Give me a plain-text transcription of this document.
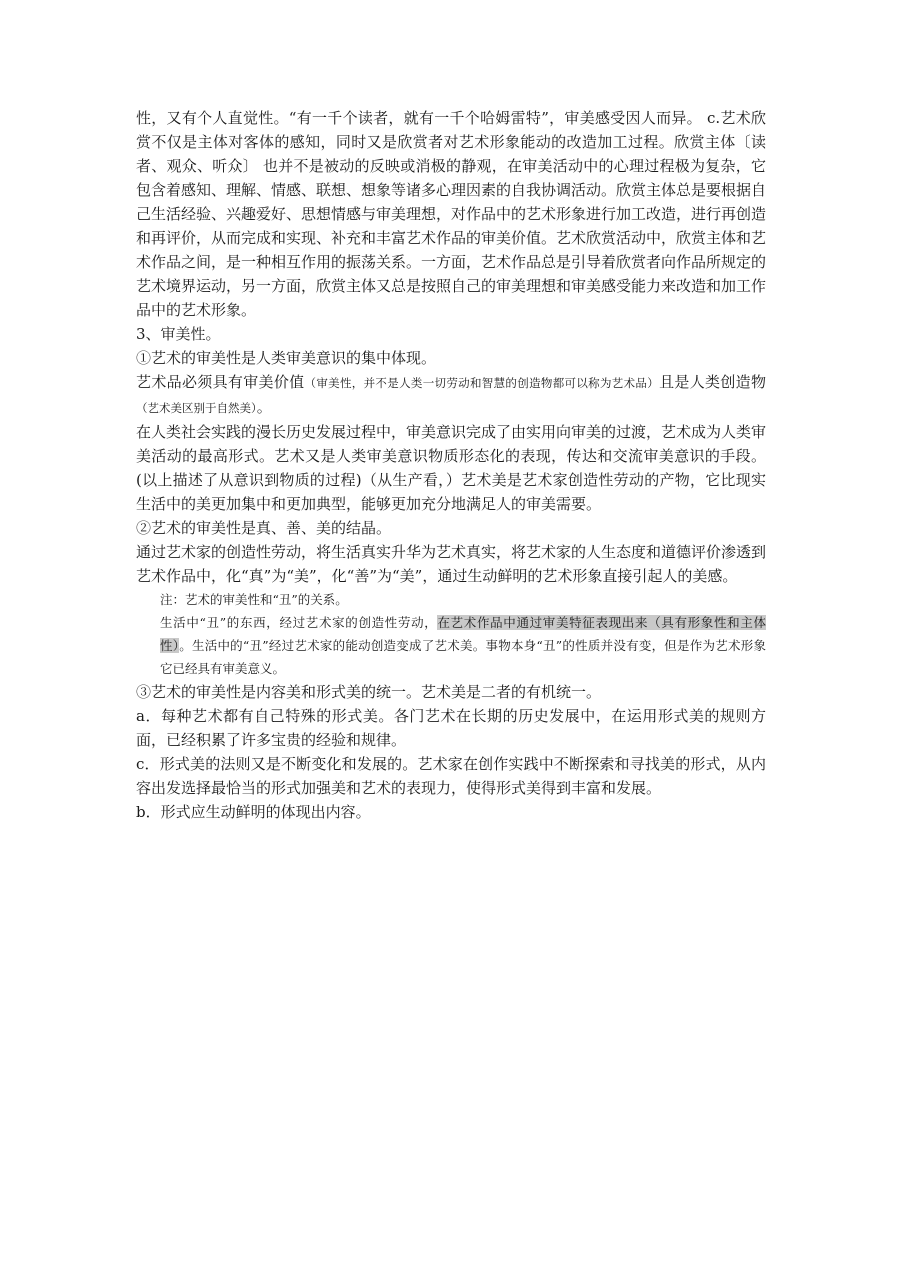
性，又有个人直觉性。“有一千个读者，就有一千个哈姆雷特”，审美感受因人而异。 c.艺术欣赏不仅是主体对客体的感知，同时又是欣赏者对艺术形象能动的改造加工过程。欣赏主体〔读者、观众、听众〕 也并不是被动的反映或消极的静观，在审美活动中的心理过程极为复杂，它包含着感知、理解、情感、联想、想象等诸多心理因素的自我协调活动。欣赏主体总是要根据自己生活经验、兴趣爱好、思想情感与审美理想，对作品中的艺术形象进行加工改造，进行再创造和再评价，从而完成和实现、补充和丰富艺术作品的审美价值。艺术欣赏活动中，欣赏主体和艺术作品之间，是一种相互作用的振荡关系。一方面，艺术作品总是引导着欣赏者向作品所规定的艺术境界运动，另一方面，欣赏主体又总是按照自己的审美理想和审美感受能力来改造和加工作品中的艺术形象。

3、审美性。

①艺术的审美性是人类审美意识的集中体现。

艺术品必须具有审美价值（审美性，并不是人类一切劳动和智慧的创造物都可以称为艺术品）且是人类创造物（艺术美区别于自然美）。

在人类社会实践的漫长历史发展过程中，审美意识完成了由实用向审美的过渡，艺术成为人类审美活动的最高形式。艺术又是人类审美意识物质形态化的表现，传达和交流审美意识的手段。(以上描述了从意识到物质的过程)（从生产看，）艺术美是艺术家创造性劳动的产物，它比现实生活中的美更加集中和更加典型，能够更加充分地满足人的审美需要。

②艺术的审美性是真、善、美的结晶。

通过艺术家的创造性劳动，将生活真实升华为艺术真实，将艺术家的人生态度和道德评价渗透到艺术作品中，化“真”为“美”，化“善”为“美”，通过生动鲜明的艺术形象直接引起人的美感。

注：艺术的审美性和“丑”的关系。

生活中“丑”的东西，经过艺术家的创造性劳动，在艺术作品中通过审美特征表现出来（具有形象性和主体性）。生活中的“丑”经过艺术家的能动创造变成了艺术美。事物本身“丑”的性质并没有变，但是作为艺术形象它已经具有审美意义。

③艺术的审美性是内容美和形式美的统一。艺术美是二者的有机统一。

a．每种艺术都有自己特殊的形式美。各门艺术在长期的历史发展中，在运用形式美的规则方面，已经积累了许多宝贵的经验和规律。

c．形式美的法则又是不断变化和发展的。艺术家在创作实践中不断探索和寻找美的形式，从内容出发选择最恰当的形式加强美和艺术的表现力，使得形式美得到丰富和发展。

b．形式应生动鲜明的体现出内容。
